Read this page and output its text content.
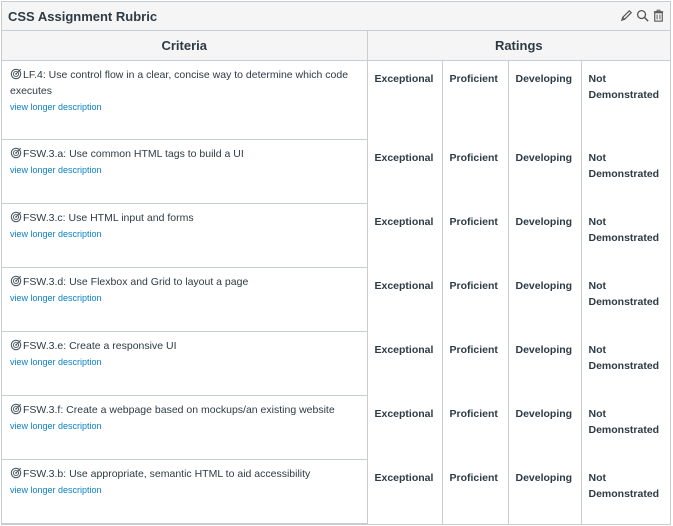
CSS Assignment Rubric
Criteria	Ratings			

LF.4: Use control flow in a clear, concise way to determine which code executes
view longer description	Exceptional	Proficient	Developing	Not Demonstrated

FSW.3.a: Use common HTML tags to build a UI
view longer description	Exceptional	Proficient	Developing	Not Demonstrated

FSW.3.c: Use HTML input and forms
view longer description	Exceptional	Proficient	Developing	Not Demonstrated

FSW.3.d: Use Flexbox and Grid to layout a page
view longer description	Exceptional	Proficient	Developing	Not Demonstrated

FSW.3.e: Create a responsive UI
view longer description	Exceptional	Proficient	Developing	Not Demonstrated

FSW.3.f: Create a webpage based on mockups/an existing website
view longer description	Exceptional	Proficient	Developing	Not Demonstrated

FSW.3.b: Use appropriate, semantic HTML to aid accessibility
view longer description	Exceptional	Proficient	Developing	Not Demonstrated
